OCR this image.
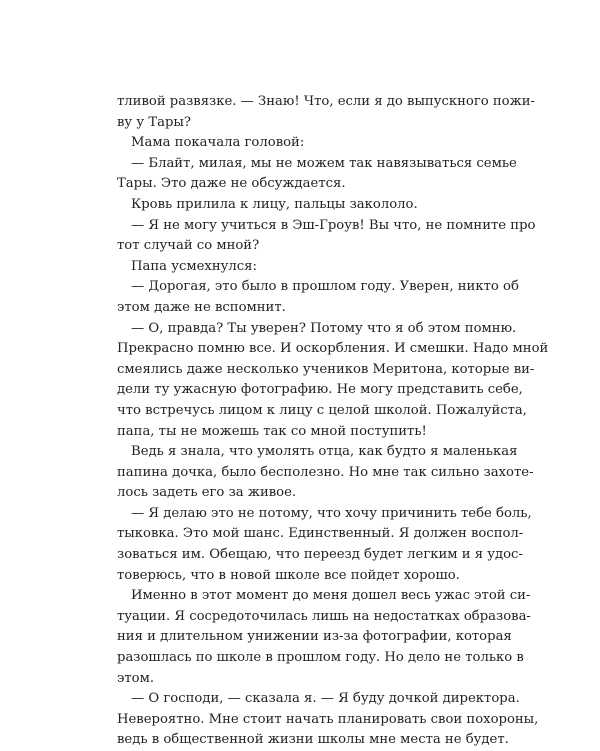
тливой развязке. — Знаю! Что, если я до выпускного пожи-
ву у Тары?
Мама покачала головой:
— Блайт, милая, мы не можем так навязываться семье
Тары. Это даже не обсуждается.
Кровь прилила к лицу, пальцы закололо.
— Я не могу учиться в Эш-Гроув! Вы что, не помните про
тот случай со мной?
Папа усмехнулся:
— Дорогая, это было в прошлом году. Уверен, никто об
этом даже не вспомнит.
— О, правда? Ты уверен? Потому что я об этом помню.
Прекрасно помню все. И оскорбления. И смешки. Надо мной
смеялись даже несколько учеников Меритона, которые ви-
дели ту ужасную фотографию. Не могу представить себе,
что встречусь лицом к лицу с целой школой. Пожалуйста,
папа, ты не можешь так со мной поступить!
Ведь я знала, что умолять отца, как будто я маленькая
папина дочка, было бесполезно. Но мне так сильно захоте-
лось задеть его за живое.
— Я делаю это не потому, что хочу причинить тебе боль,
тыковка. Это мой шанс. Единственный. Я должен воспол-
зоваться им. Обещаю, что переезд будет легким и я удос-
товерюсь, что в новой школе все пойдет хорошо.
Именно в этот момент до меня дошел весь ужас этой си-
туации. Я сосредоточилась лишь на недостатках образова-
ния и длительном унижении из-за фотографии, которая
разошлась по школе в прошлом году. Но дело не только в
этом.
— О господи, — сказала я. — Я буду дочкой директора.
Невероятно. Мне стоит начать планировать свои похороны,
ведь в общественной жизни школы мне места не будет.
